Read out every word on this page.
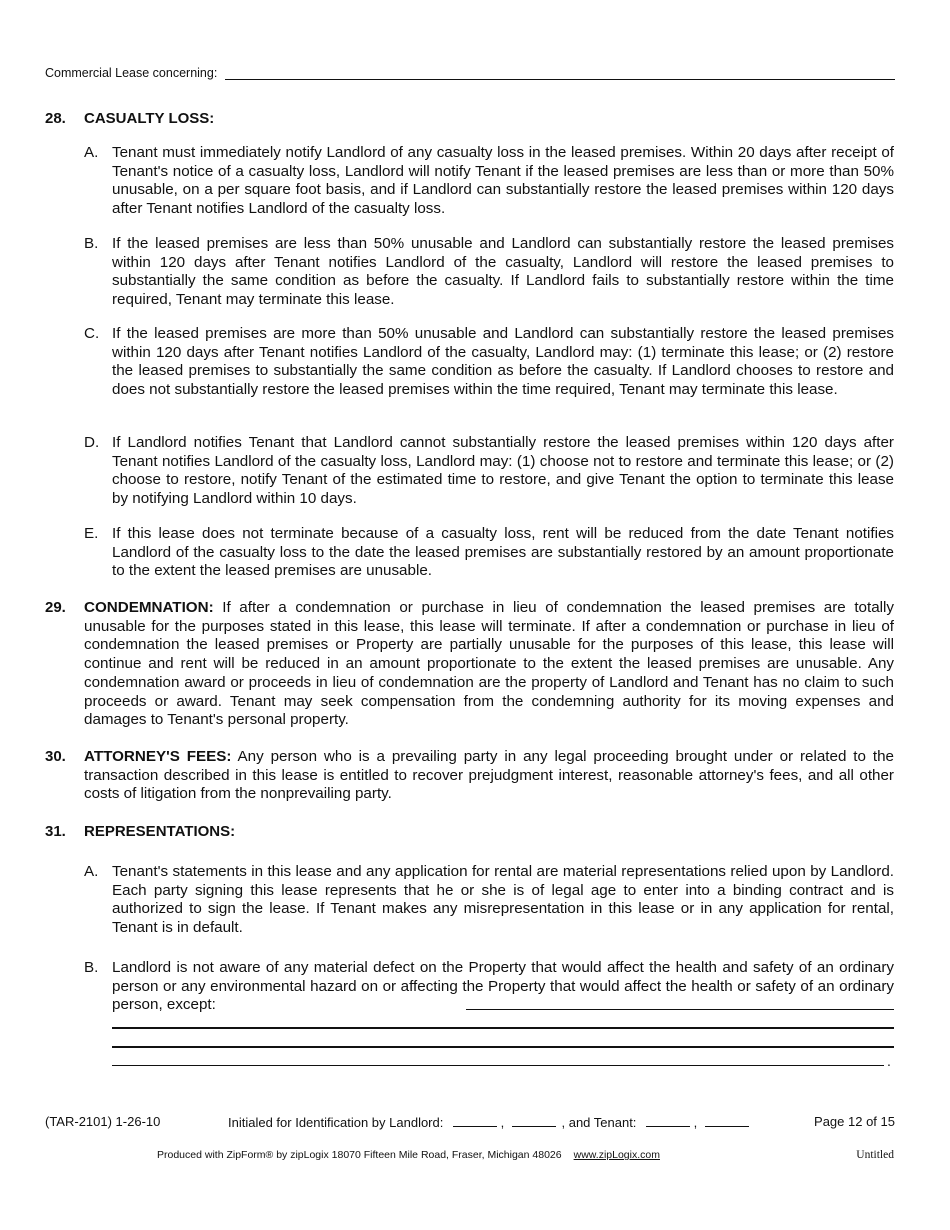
Commercial Lease concerning:
28. CASUALTY LOSS:
A. Tenant must immediately notify Landlord of any casualty loss in the leased premises. Within 20 days after receipt of Tenant's notice of a casualty loss, Landlord will notify Tenant if the leased premises are less than or more than 50% unusable, on a per square foot basis, and if Landlord can substantially restore the leased premises within 120 days after Tenant notifies Landlord of the casualty loss.
B. If the leased premises are less than 50% unusable and Landlord can substantially restore the leased premises within 120 days after Tenant notifies Landlord of the casualty, Landlord will restore the leased premises to substantially the same condition as before the casualty. If Landlord fails to substantially restore within the time required, Tenant may terminate this lease.
C. If the leased premises are more than 50% unusable and Landlord can substantially restore the leased premises within 120 days after Tenant notifies Landlord of the casualty, Landlord may: (1) terminate this lease; or (2) restore the leased premises to substantially the same condition as before the casualty. If Landlord chooses to restore and does not substantially restore the leased premises within the time required, Tenant may terminate this lease.
D. If Landlord notifies Tenant that Landlord cannot substantially restore the leased premises within 120 days after Tenant notifies Landlord of the casualty loss, Landlord may: (1) choose not to restore and terminate this lease; or (2) choose to restore, notify Tenant of the estimated time to restore, and give Tenant the option to terminate this lease by notifying Landlord within 10 days.
E. If this lease does not terminate because of a casualty loss, rent will be reduced from the date Tenant notifies Landlord of the casualty loss to the date the leased premises are substantially restored by an amount proportionate to the extent the leased premises are unusable.
29. CONDEMNATION: If after a condemnation or purchase in lieu of condemnation the leased premises are totally unusable for the purposes stated in this lease, this lease will terminate. If after a condemnation or purchase in lieu of condemnation the leased premises or Property are partially unusable for the purposes of this lease, this lease will continue and rent will be reduced in an amount proportionate to the extent the leased premises are unusable. Any condemnation award or proceeds in lieu of condemnation are the property of Landlord and Tenant has no claim to such proceeds or award. Tenant may seek compensation from the condemning authority for its moving expenses and damages to Tenant's personal property.
30. ATTORNEY'S FEES: Any person who is a prevailing party in any legal proceeding brought under or related to the transaction described in this lease is entitled to recover prejudgment interest, reasonable attorney's fees, and all other costs of litigation from the nonprevailing party.
31. REPRESENTATIONS:
A. Tenant's statements in this lease and any application for rental are material representations relied upon by Landlord. Each party signing this lease represents that he or she is of legal age to enter into a binding contract and is authorized to sign the lease. If Tenant makes any misrepresentation in this lease or in any application for rental, Tenant is in default.
B. Landlord is not aware of any material defect on the Property that would affect the health and safety of an ordinary person or any environmental hazard on or affecting the Property that would affect the health or safety of an ordinary person, except:
.
(TAR-2101) 1-26-10	Initialed for Identification by Landlord:	,	, and Tenant:	,	Page 12 of 15
Produced with ZipForm® by zipLogix 18070 Fifteen Mile Road, Fraser, Michigan 48026 www.zipLogix.com	Untitled
